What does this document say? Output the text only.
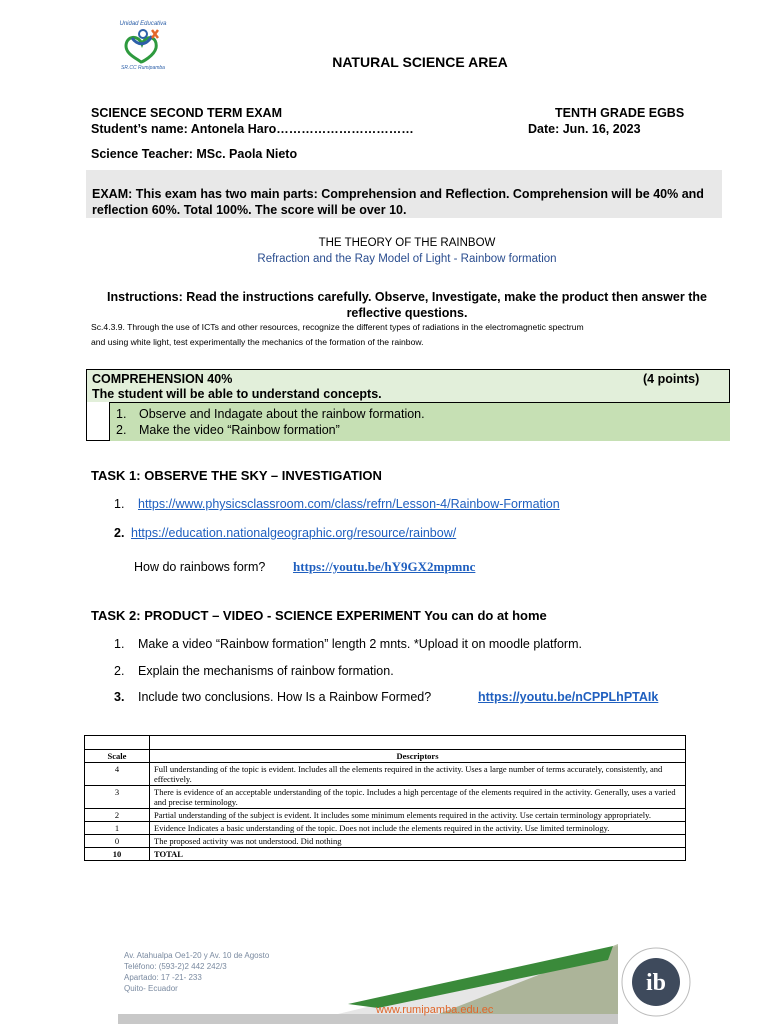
Unidad Educativa
SR.CC Rumipamba	NATURAL SCIENCE AREA
SCIENCE SECOND TERM EXAM	TENTH GRADE EGBS
Student’s name: Antonela Haro……………………………	Date: Jun. 16, 2023
Science Teacher: MSc. Paola Nieto

EXAM: This exam has two main parts: Comprehension and Reflection. Comprehension will be 40% and reflection 60%. Total 100%. The score will be over 10.

THE THEORY OF THE RAINBOW
Refraction and the Ray Model of Light - Rainbow formation
Instructions: Read the instructions carefully. Observe, Investigate, make the product then answer the
reflective questions.
Sc.4.3.9. Through the use of ICTs and other resources, recognize the different types of radiations in the electromagnetic spectrum
and using white light, test experimentally the mechanics of the formation of the rainbow.
COMPREHENSION 40%	(4 points)
The student will be able to understand concepts.
1. Observe and Indagate about the rainbow formation.
2. Make the video “Rainbow formation”
TASK 1: OBSERVE THE SKY – INVESTIGATION
1. https://www.physicsclassroom.com/class/refrn/Lesson-4/Rainbow-Formation
2. https://education.nationalgeographic.org/resource/rainbow/
How do rainbows form? https://youtu.be/hY9GX2mpmnc
TASK 2: PRODUCT – VIDEO - SCIENCE EXPERIMENT You can do at home
1. Make a video “Rainbow formation” length 2 mnts. *Upload it on moodle platform.
2. Explain the mechanisms of rainbow formation.
3. Include two conclusions. How Is a Rainbow Formed?	https://youtu.be/nCPPLhPTAIk

Scale	Descriptors
4	Full understanding of the topic is evident. Includes all the elements required in the activity. Uses a large number of terms accurately, consistently, and effectively.
3	There is evidence of an acceptable understanding of the topic. Includes a high percentage of the elements required in the activity. Generally, uses a varied and precise terminology.
2	Partial understanding of the subject is evident. It includes some minimum elements required in the activity. Use certain terminology appropriately.
1	Evidence Indicates a basic understanding of the topic. Does not include the elements required in the activity. Use limited terminology.
0	The proposed activity was not understood. Did nothing
10	TOTAL
Av. Atahualpa Oe1-20 y Av. 10 de Agosto
Teléfono: (593-2)2 442 242/3
Apartado: 17 -21- 233
Quito- Ecuador
www.rumipamba.edu.ec
ib
